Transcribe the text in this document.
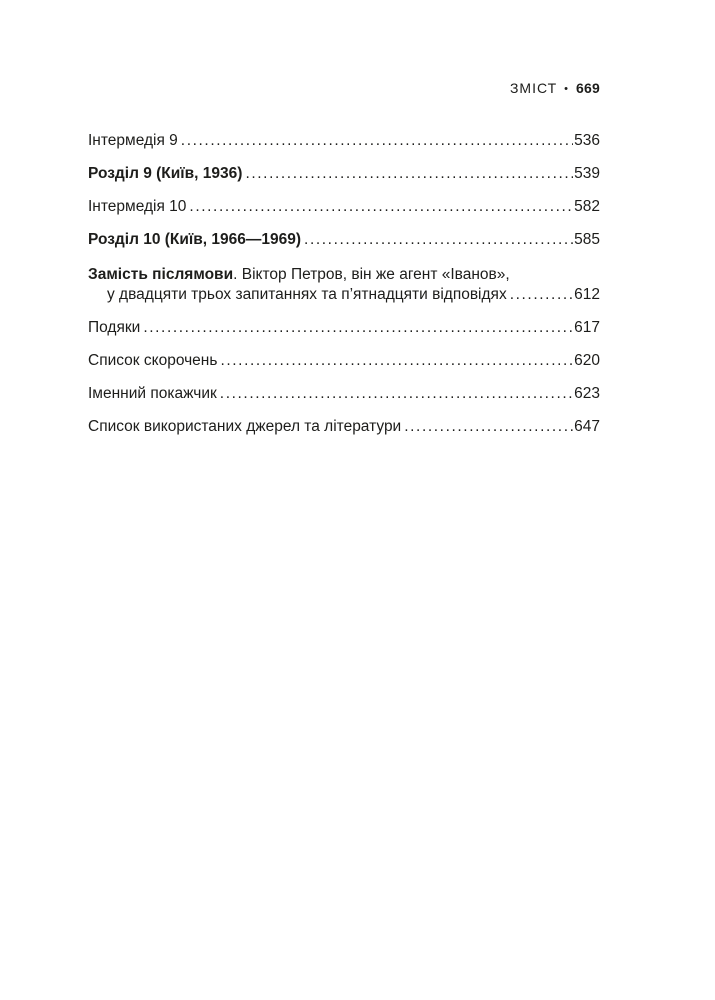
ЗМІСТ • 669
Інтермедія 9 .....	536
Розділ 9 (Київ, 1936) .....	539
Інтермедія 10 .....	582
Розділ 10 (Київ, 1966—1969) .....	585
Замість післямови. Віктор Петров, він же агент «Іванов»,
у двадцяти трьох запитаннях та п’ятнадцяти відповідях .....	612
Подяки .....	617
Список скорочень .....	620
Іменний покажчик .....	623
Список використаних джерел та літератури .....	647
